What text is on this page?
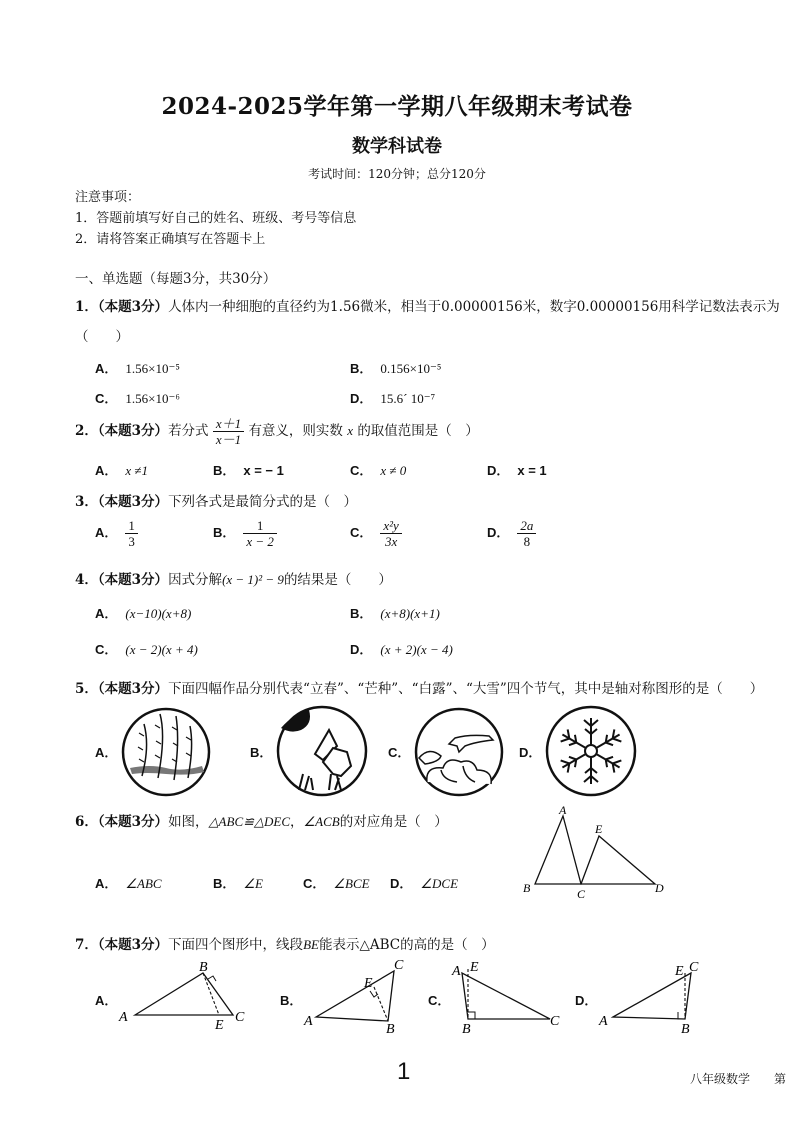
2024-2025学年第一学期八年级期末考试卷
数学科试卷
考试时间：120分钟；总分120分
注意事项：
1．答题前填写好自己的姓名、班级、考号等信息
2．请将答案正确填写在答题卡上
一、单选题（每题3分，共30分）
1．（本题3分）人体内一种细胞的直径约为1.56微米，相当于0.00000156米，数字0.00000156用科学记数法表示为
（　　）
A． 1.56×10⁻⁵	B． 0.156×10⁻⁵
C． 1.56×10⁻⁶	D． 15.6´ 10⁻⁷
2．（本题3分）若分式 $\frac{x+1}{x-1}$ 有意义，则实数 x 的取值范围是（　）
A． x ≠1	B． x = − 1	C． x ≠ 0	D． x = 1
3．（本题3分）下列各式是最简分式的是（　）
A． $\frac{1}{3}$	B． $\frac{1}{x - 2}$	C． $\frac{\text{x²y}}{3x}$	D． $\frac{2a}{8}$
4．（本题3分）因式分解(x − 1)² − 9的结果是（　　）
A． (x−10)(x+8)	B． (x+8)(x+1)
C． (x − 2)(x + 4)	D． (x + 2)(x − 4)
5．（本题3分）下面四幅作品分别代表“立春”、“芒种”、“白露”、“大雪”四个节气，其中是轴对称图形的是（　　）
A．	B．	C．	D．
6．（本题3分）如图，△ABC≌△DEC，∠ACB的对应角是（　）
A． ∠ABC	B． ∠E	C． ∠BCE D． ∠DCE
A
B	C	D
E
7．（本题3分）下面四个图形中，线段BE能表示△ABC的高的是（　）
A．	B．	C．	D．
B
A
E
C
C
E
A
B
A E
B
C
E C
A
B
1	八年级数学　　第
